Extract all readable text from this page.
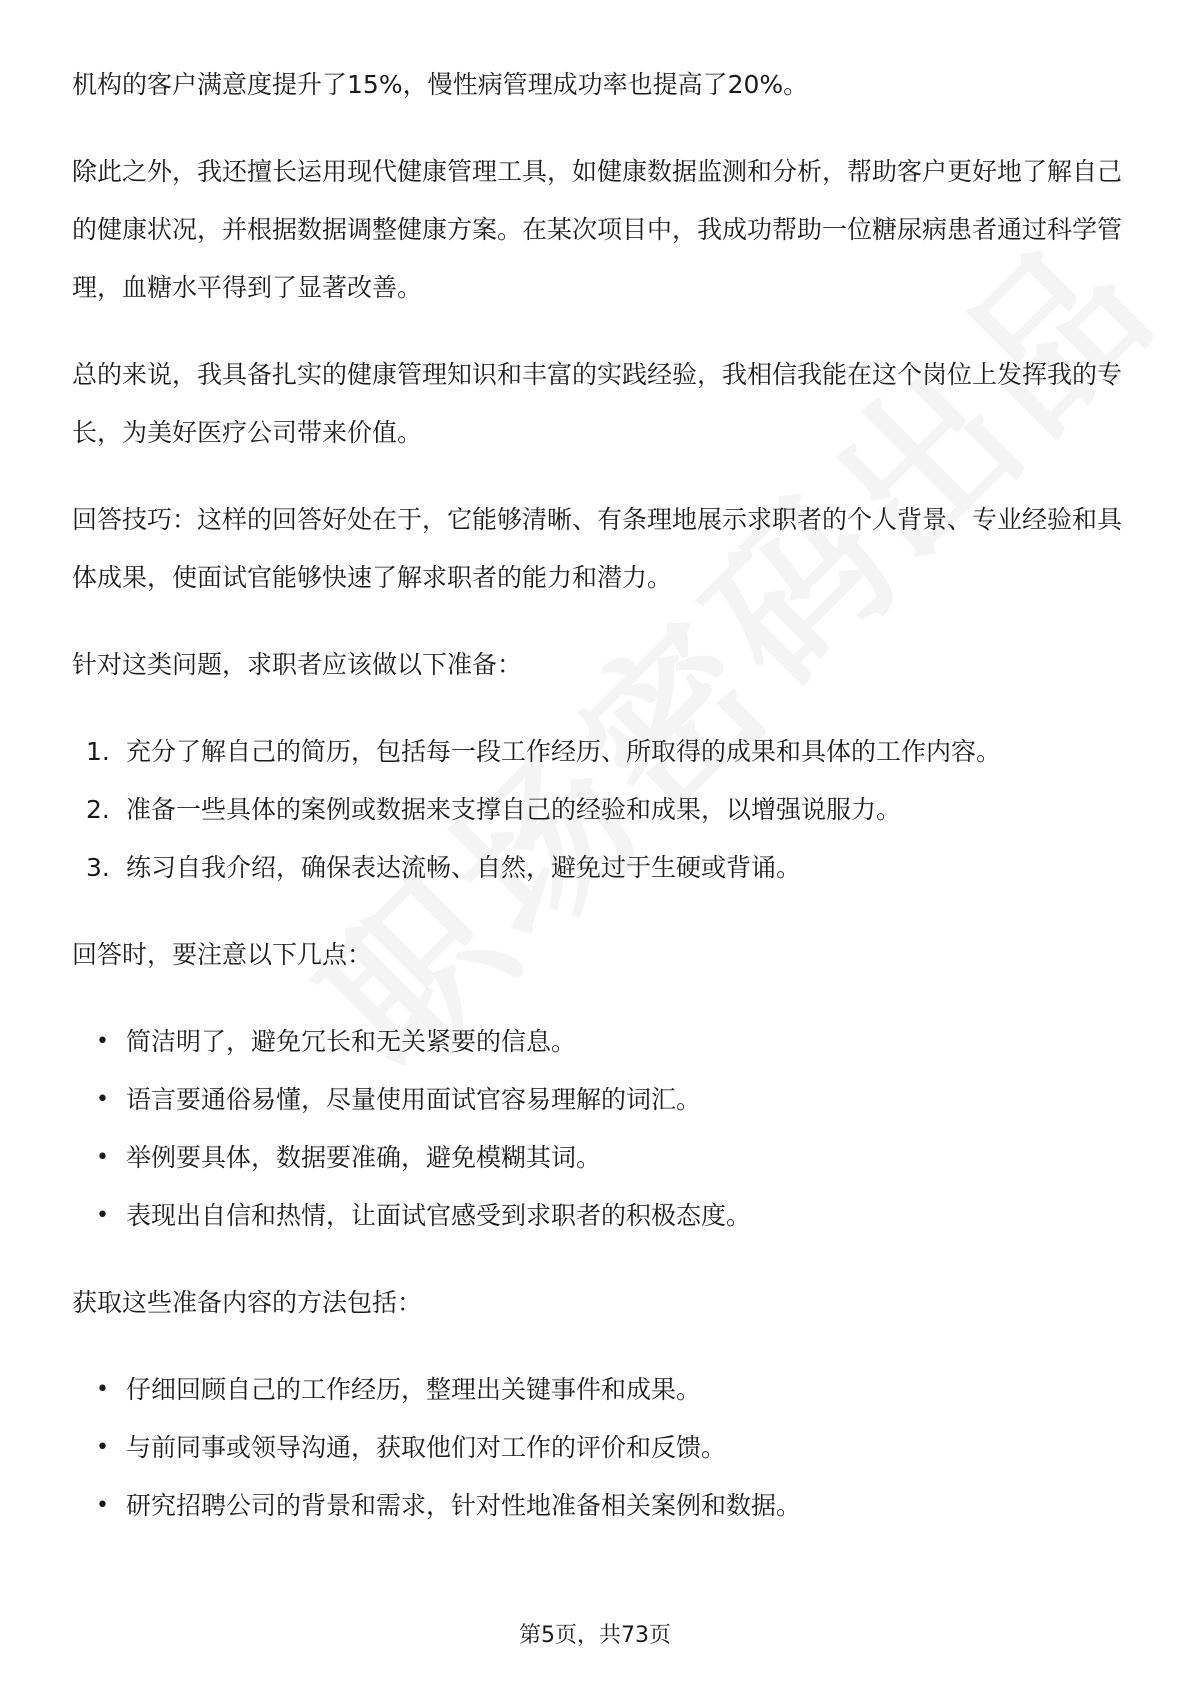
机构的客户满意度提升了15%，慢性病管理成功率也提高了20%。

除此之外，我还擅长运用现代健康管理工具，如健康数据监测和分析，帮助客户更好地了解自己的健康状况，并根据数据调整健康方案。在某次项目中，我成功帮助一位糖尿病患者通过科学管理，血糖水平得到了显著改善。

总的来说，我具备扎实的健康管理知识和丰富的实践经验，我相信我能在这个岗位上发挥我的专长，为美好医疗公司带来价值。

回答技巧：这样的回答好处在于，它能够清晰、有条理地展示求职者的个人背景、专业经验和具体成果，使面试官能够快速了解求职者的能力和潜力。

针对这类问题，求职者应该做以下准备：

1. 充分了解自己的简历，包括每一段工作经历、所取得的成果和具体的工作内容。
2. 准备一些具体的案例或数据来支撑自己的经验和成果，以增强说服力。
3. 练习自我介绍，确保表达流畅、自然，避免过于生硬或背诵。

回答时，要注意以下几点：

• 简洁明了，避免冗长和无关紧要的信息。
• 语言要通俗易懂，尽量使用面试官容易理解的词汇。
• 举例要具体，数据要准确，避免模糊其词。
• 表现出自信和热情，让面试官感受到求职者的积极态度。

获取这些准备内容的方法包括：

• 仔细回顾自己的工作经历，整理出关键事件和成果。
• 与前同事或领导沟通，获取他们对工作的评价和反馈。
• 研究招聘公司的背景和需求，针对性地准备相关案例和数据。
第5页，共73页
